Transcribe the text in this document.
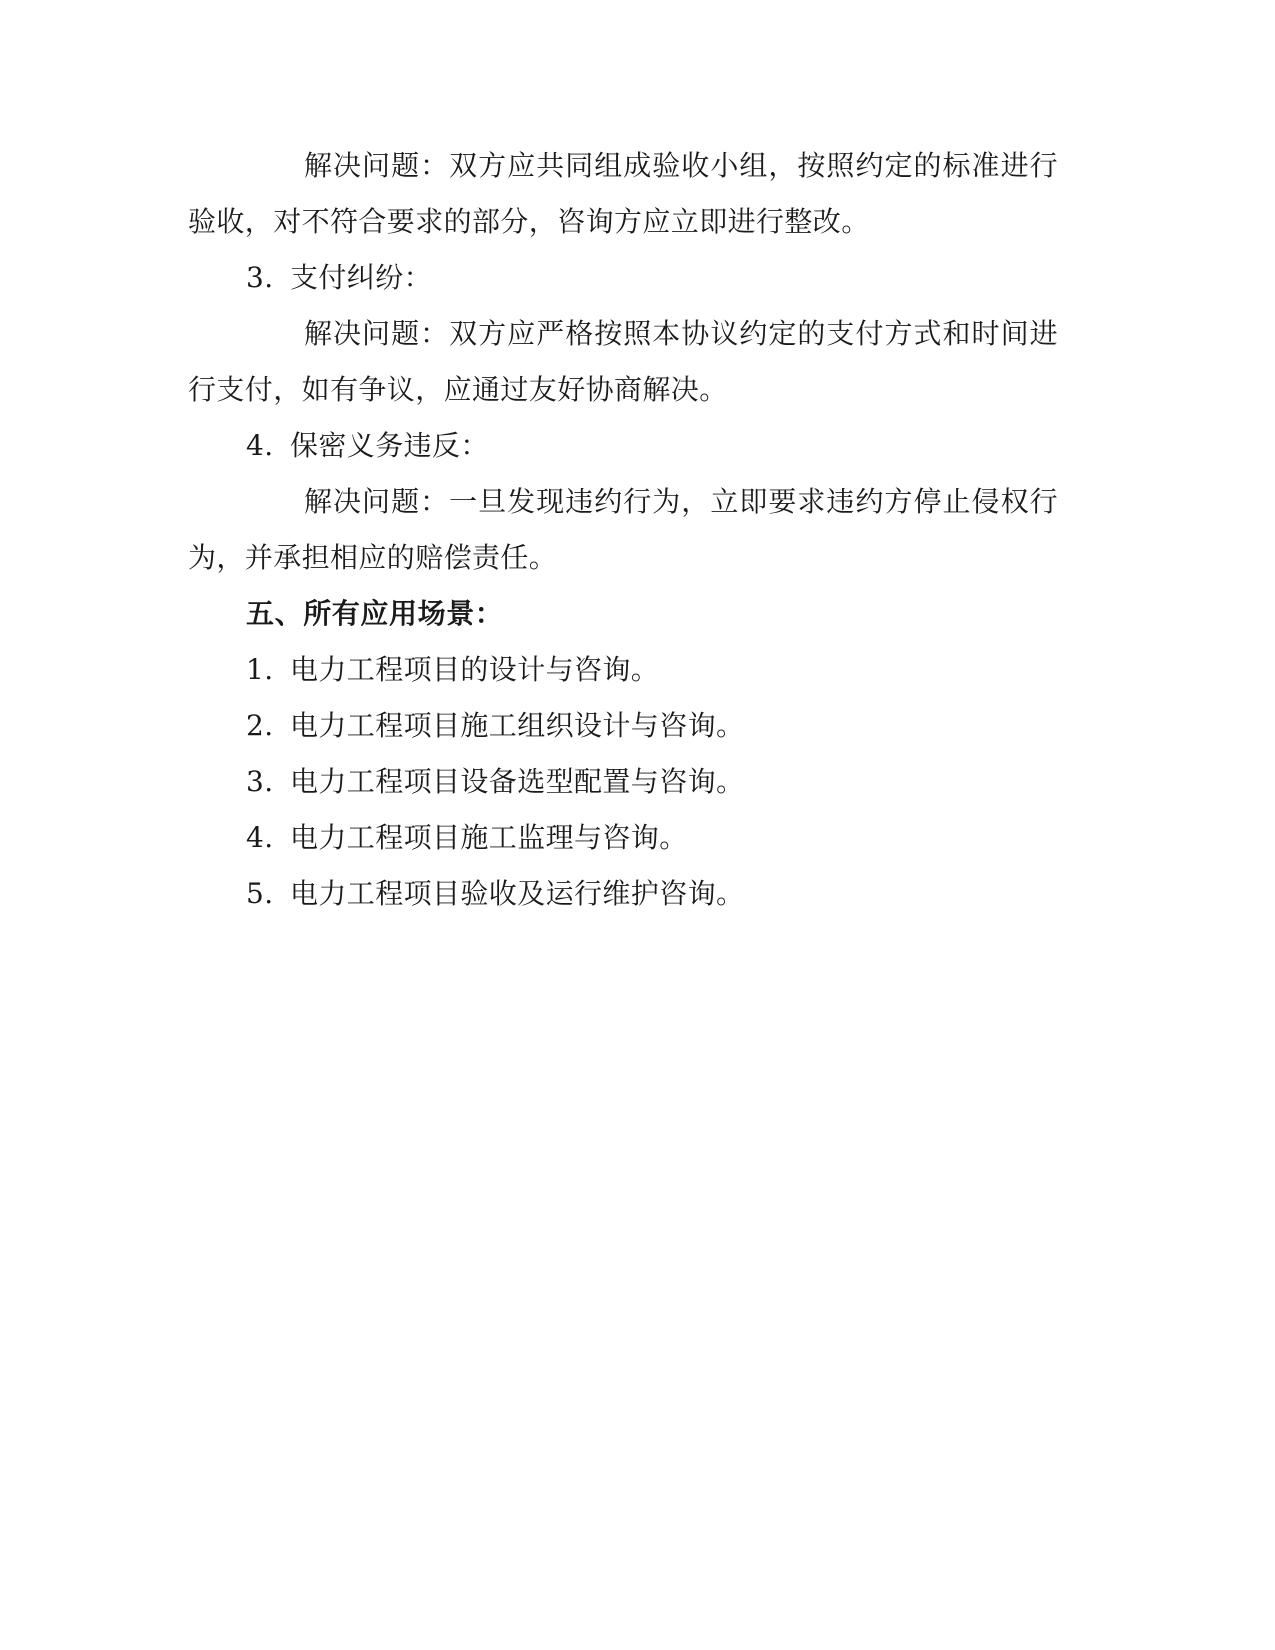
解决问题：双方应共同组成验收小组，按照约定的标准进行验收，对不符合要求的部分，咨询方应立即进行整改。

3. 支付纠纷：

解决问题：双方应严格按照本协议约定的支付方式和时间进行支付，如有争议，应通过友好协商解决。

4. 保密义务违反：

解决问题：一旦发现违约行为，立即要求违约方停止侵权行为，并承担相应的赔偿责任。

五、所有应用场景：

1. 电力工程项目的设计与咨询。

2. 电力工程项目施工组织设计与咨询。

3. 电力工程项目设备选型配置与咨询。

4. 电力工程项目施工监理与咨询。

5. 电力工程项目验收及运行维护咨询。
